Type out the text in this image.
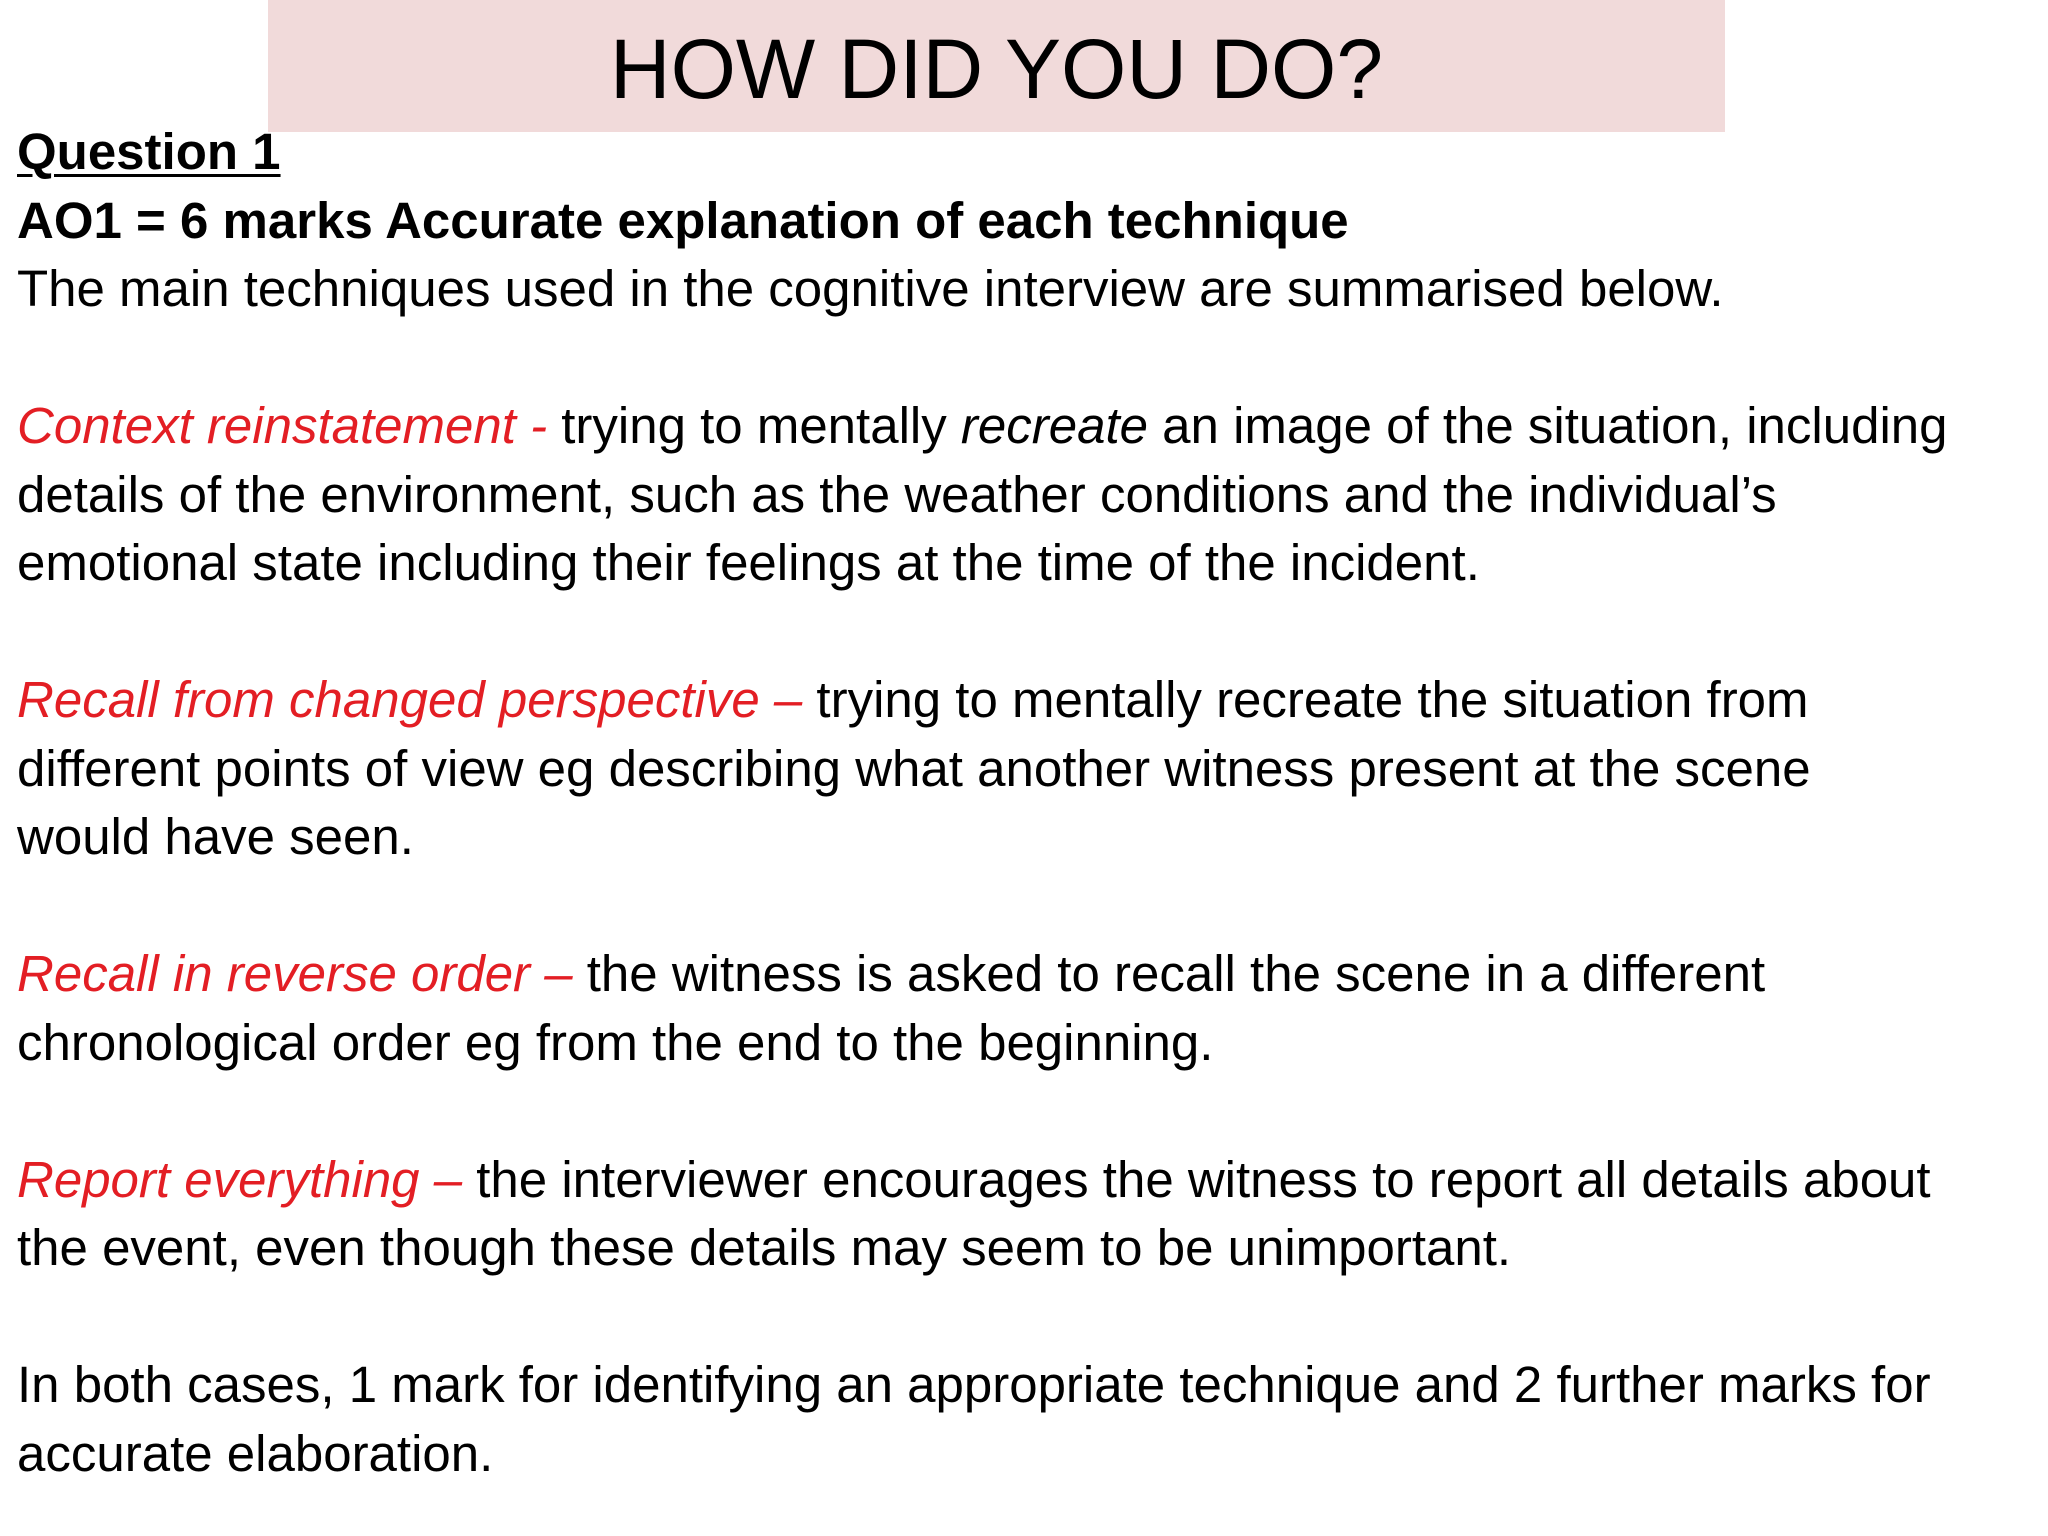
HOW DID YOU DO?
Question 1
AO1 = 6 marks Accurate explanation of each technique
The main techniques used in the cognitive interview are summarised below.
Context reinstatement - trying to mentally recreate an image of the situation, including
details of the environment, such as the weather conditions and the individual’s
emotional state including their feelings at the time of the incident.
Recall from changed perspective – trying to mentally recreate the situation from
different points of view eg describing what another witness present at the scene
would have seen.
Recall in reverse order – the witness is asked to recall the scene in a different
chronological order eg from the end to the beginning.
Report everything – the interviewer encourages the witness to report all details about
the event, even though these details may seem to be unimportant.
In both cases, 1 mark for identifying an appropriate technique and 2 further marks for
accurate elaboration.
